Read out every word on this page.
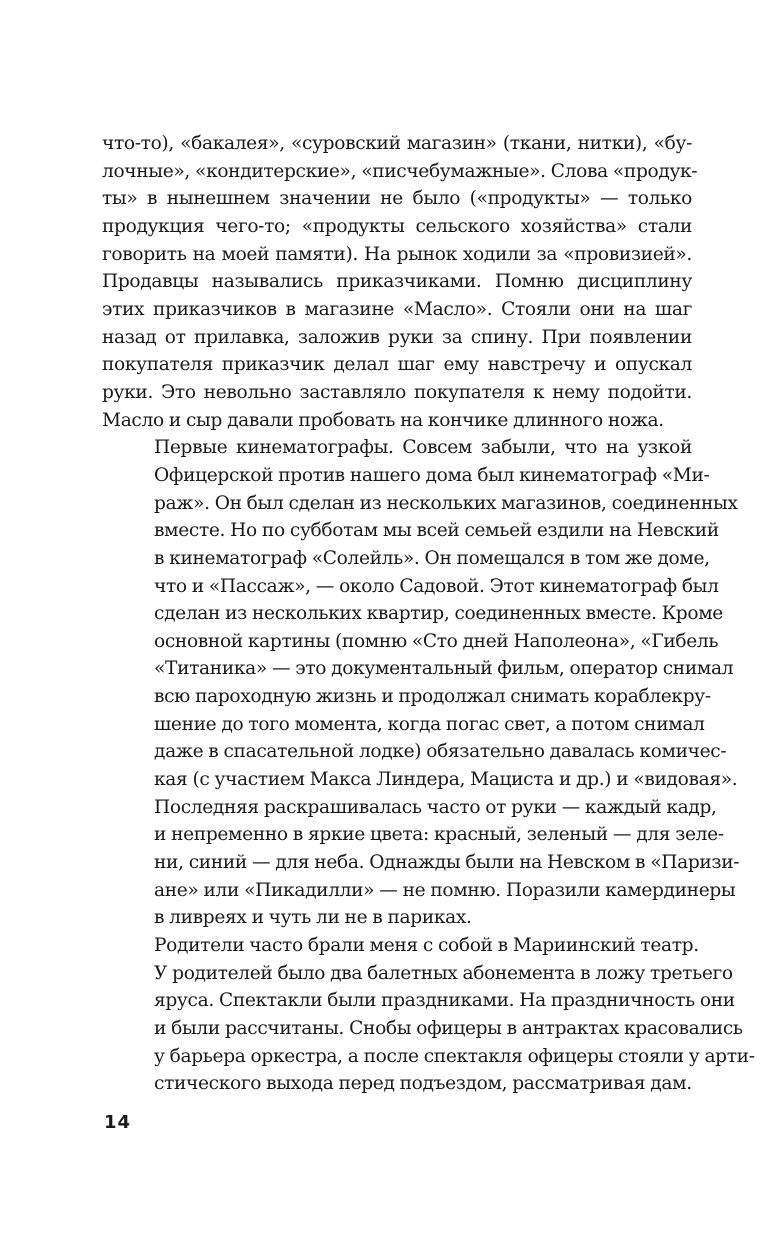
что-то), «бакалея», «суровский магазин» (ткани, нитки), «бу-
лочные», «кондитерские», «писчебумажные». Слова «продук-
ты» в нынешнем значении не было («продукты» — только
продукция чего-то; «продукты сельского хозяйства» стали
говорить на моей памяти). На рынок ходили за «провизией».
Продавцы назывались приказчиками. Помню дисциплину
этих приказчиков в магазине «Масло». Стояли они на шаг
назад от прилавка, заложив руки за спину. При появлении
покупателя приказчик делал шаг ему навстречу и опускал
руки. Это невольно заставляло покупателя к нему подойти.
Масло и сыр давали пробовать на кончике длинного ножа.

Первые кинематографы. Совсем забыли, что на узкой
Офицерской против нашего дома был кинематограф «Ми-
раж». Он был сделан из нескольких магазинов, соединенных
вместе. Но по субботам мы всей семьей ездили на Невский
в кинематограф «Солейль». Он помещался в том же доме,
что и «Пассаж», — около Садовой. Этот кинематограф был
сделан из нескольких квартир, соединенных вместе. Кроме
основной картины (помню «Сто дней Наполеона», «Гибель
«Титаника» — это документальный фильм, оператор снимал
всю пароходную жизнь и продолжал снимать кораблекру-
шение до того момента, когда погас свет, а потом снимал
даже в спасательной лодке) обязательно давалась комичес-
кая (с участием Макса Линдера, Мациста и др.) и «видовая».
Последняя раскрашивалась часто от руки — каждый кадр,
и непременно в яркие цвета: красный, зеленый — для зеле-
ни, синий — для неба. Однажды были на Невском в «Паризи-
ане» или «Пикадилли» — не помню. Поразили камердинеры
в ливреях и чуть ли не в париках.

Родители часто брали меня с собой в Мариинский театр.
У родителей было два балетных абонемента в ложу третьего
яруса. Спектакли были праздниками. На праздничность они
и были рассчитаны. Снобы офицеры в антрактах красовались
у барьера оркестра, а после спектакля офицеры стояли у арти-
стического выхода перед подъездом, рассматривая дам.

14
